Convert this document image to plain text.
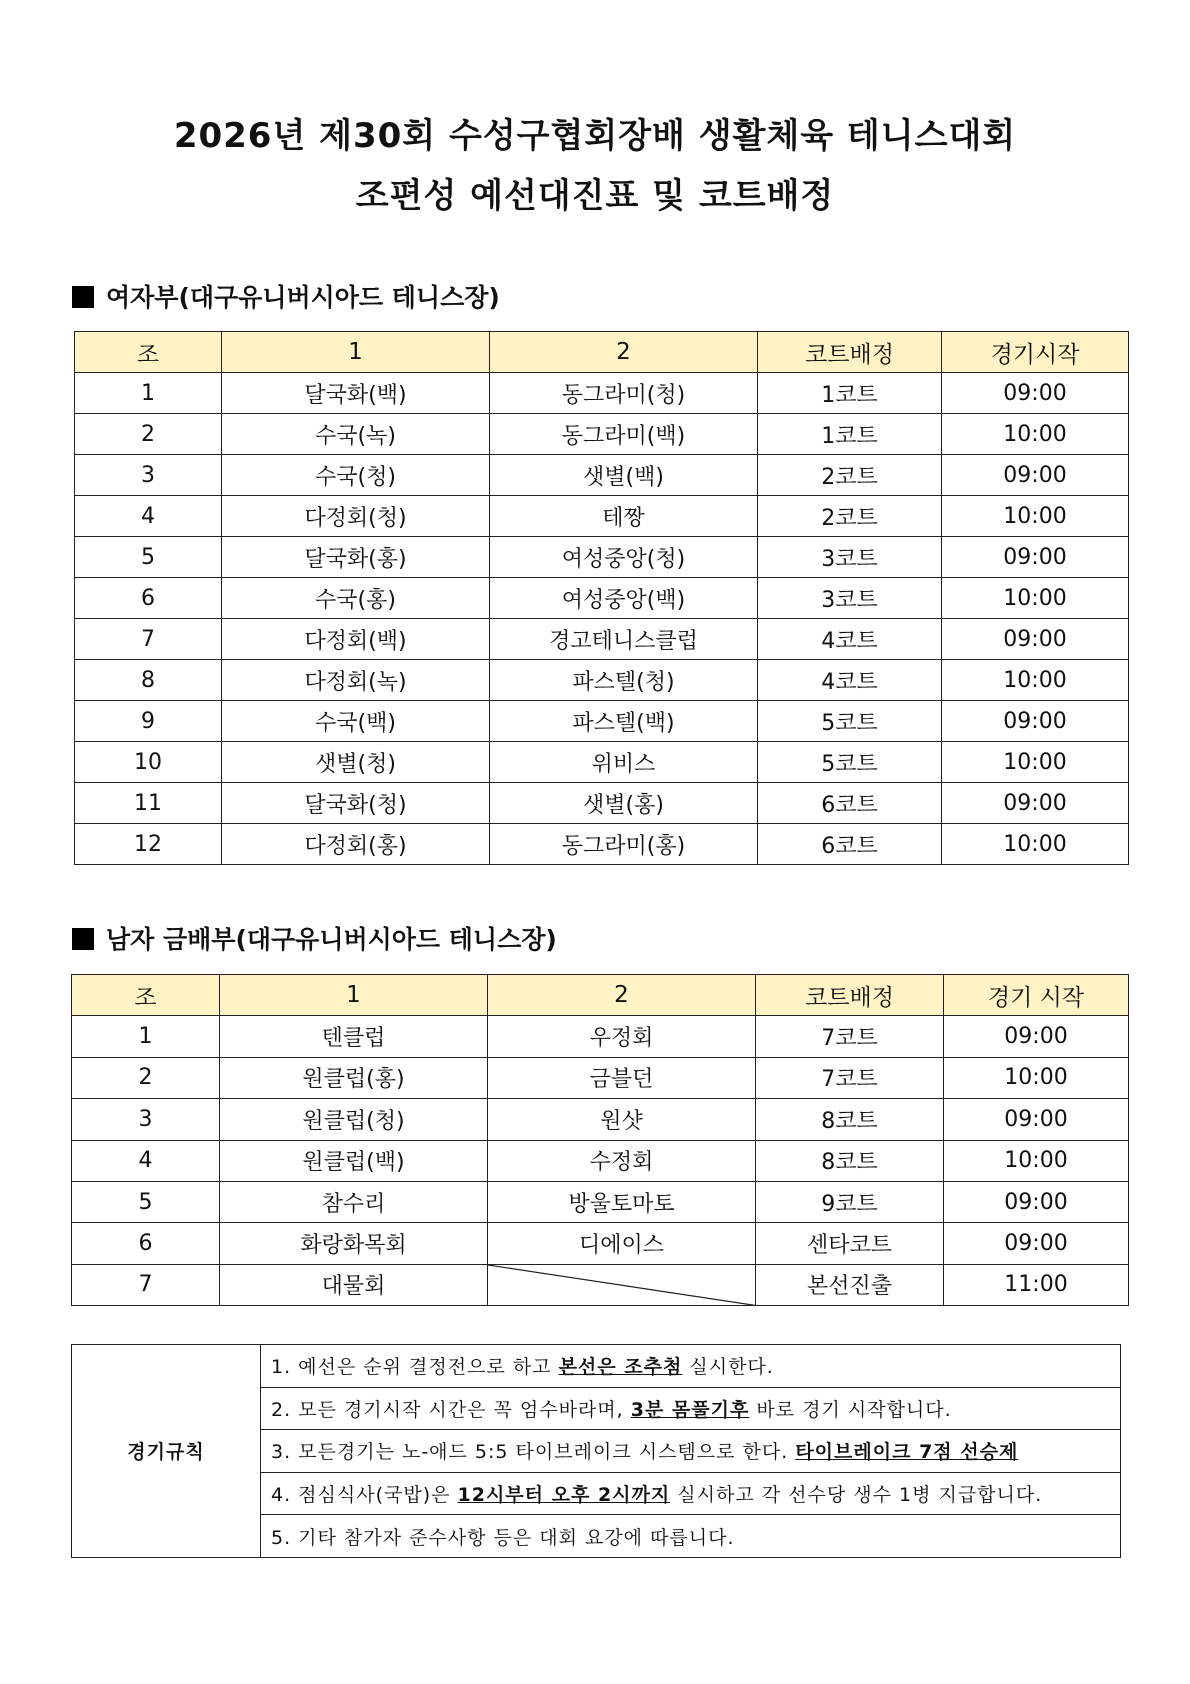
2026년 제30회 수성구협회장배 생활체육 테니스대회
조편성 예선대진표 및 코트배정
여자부(대구유니버시아드 테니스장)
조	1	2	코트배정	경기시작
1	달국화(백)	동그라미(청)	1코트	09:00
2	수국(녹)	동그라미(백)	1코트	10:00
3	수국(청)	샛별(백)	2코트	09:00
4	다정회(청)	테짱	2코트	10:00
5	달국화(홍)	여성중앙(청)	3코트	09:00
6	수국(홍)	여성중앙(백)	3코트	10:00
7	다정회(백)	경고테니스클럽	4코트	09:00
8	다정회(녹)	파스텔(청)	4코트	10:00
9	수국(백)	파스텔(백)	5코트	09:00
10	샛별(청)	위비스	5코트	10:00
11	달국화(청)	샛별(홍)	6코트	09:00
12	다정회(홍)	동그라미(홍)	6코트	10:00
남자 금배부(대구유니버시아드 테니스장)
조	1	2	코트배정	경기 시작
1	텐클럽	우정회	7코트	09:00
2	원클럽(홍)	금블던	7코트	10:00
3	원클럽(청)	원샷	8코트	09:00
4	원클럽(백)	수정회	8코트	10:00
5	참수리	방울토마토	9코트	09:00
6	화랑화목회	디에이스	센타코트	09:00
7	대물회		본선진출	11:00
경기규칙	1. 예선은 순위 결정전으로 하고 본선은 조추첨 실시한다.
2. 모든 경기시작 시간은 꼭 엄수바라며, 3분 몸풀기후 바로 경기 시작합니다.
3. 모든경기는 노-애드 5:5 타이브레이크 시스템으로 한다. 타이브레이크 7점 선승제
4. 점심식사(국밥)은 12시부터 오후 2시까지 실시하고 각 선수당 생수 1병 지급합니다.
5. 기타 참가자 준수사항 등은 대회 요강에 따릅니다.
